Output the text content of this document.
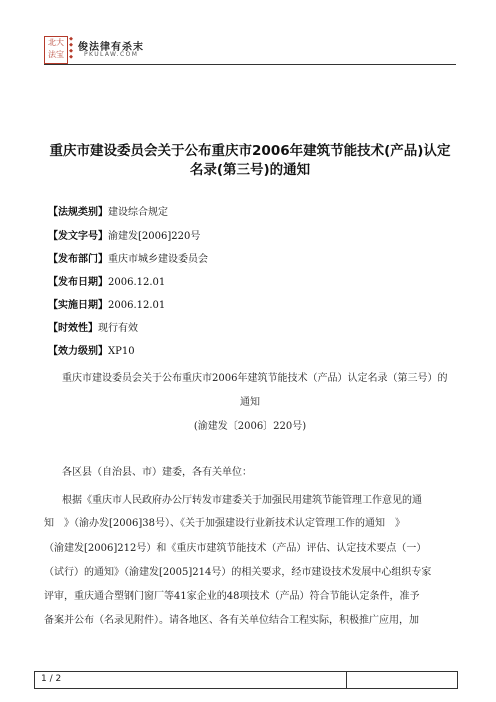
北大
法宝
◆
◆
◆
◆
俊法律有杀末
PKULAW.COM
重庆市建设委员会关于公布重庆市2006年建筑节能技术(产品)认定名录(第三号)的通知
【法规类别】建设综合规定
【发文字号】渝建发[2006]220号
【发布部门】重庆市城乡建设委员会
【发布日期】2006.12.01
【实施日期】2006.12.01
【时效性】现行有效
【效力级别】XP10
重庆市建设委员会关于公布重庆市2006年建筑节能技术（产品）认定名录（第三号）的
通知
(渝建发〔2006〕220号)
各区县（自治县、市）建委，各有关单位：
根据《重庆市人民政府办公厅转发市建委关于加强民用建筑节能管理工作意见的通
知　》（渝办发[2006]38号）、《关于加强建设行业新技术认定管理工作的通知　》
（渝建发[2006]212号）和《重庆市建筑节能技术（产品）评估、认定技术要点（一）
（试行）的通知》（渝建发[2005]214号）的相关要求，经市建设技术发展中心组织专家
评审，重庆通合塑钢门窗厂等41家企业的48项技术（产品）符合节能认定条件，准予
备案并公布（名录见附件）。请各地区、各有关单位结合工程实际，积极推广应用，加
1 / 2
